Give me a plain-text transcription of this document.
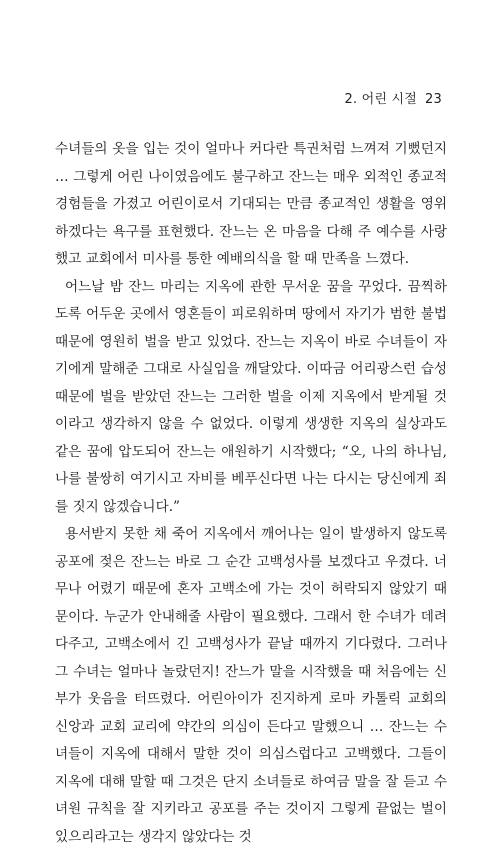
2. 어린 시절 23

수녀들의 옷을 입는 것이 얼마나 커다란 특권처럼 느껴져 기뻤던지 … 그렇게 어린 나이였음에도 불구하고 잔느는 매우 외적인 종교적 경험들을 가졌고 어린이로서 기대되는 만큼 종교적인 생활을 영위하겠다는 욕구를 표현했다. 잔느는 온 마음을 다해 주 예수를 사랑했고 교회에서 미사를 통한 예배의식을 할 때 만족을 느꼈다.

어느날 밤 잔느 마리는 지옥에 관한 무서운 꿈을 꾸었다. 끔찍하도록 어두운 곳에서 영혼들이 피로워하며 땅에서 자기가 범한 불법 때문에 영원히 벌을 받고 있었다. 잔느는 지옥이 바로 수녀들이 자기에게 말해준 그대로 사실임을 깨달았다. 이따금 어리광스런 습성 때문에 벌을 받았던 잔느는 그러한 벌을 이제 지옥에서 받게될 것이라고 생각하지 않을 수 없었다. 이렇게 생생한 지옥의 실상과도 같은 꿈에 압도되어 잔느는 애원하기 시작했다; “오, 나의 하나님, 나를 불쌍히 여기시고 자비를 베푸신다면 나는 다시는 당신에게 죄를 짓지 않겠습니다.”

용서받지 못한 채 죽어 지옥에서 깨어나는 일이 발생하지 않도록 공포에 젖은 잔느는 바로 그 순간 고백성사를 보겠다고 우겼다. 너무나 어렸기 때문에 혼자 고백소에 가는 것이 허락되지 않았기 때문이다. 누군가 안내해줄 사람이 필요했다. 그래서 한 수녀가 데려다주고, 고백소에서 긴 고백성사가 끝날 때까지 기다렸다. 그러나 그 수녀는 얼마나 놀랐던지! 잔느가 말을 시작했을 때 처음에는 신부가 웃음을 터뜨렸다. 어린아이가 진지하게 로마 카톨릭 교회의 신앙과 교회 교리에 약간의 의심이 든다고 말했으니 … 잔느는 수녀들이 지옥에 대해서 말한 것이 의심스럽다고 고백했다. 그들이 지옥에 대해 말할 때 그것은 단지 소녀들로 하여금 말을 잘 듣고 수녀원 규칙을 잘 지키라고 공포를 주는 것이지 그렇게 끝없는 벌이 있으리라고는 생각지 않았다는 것
